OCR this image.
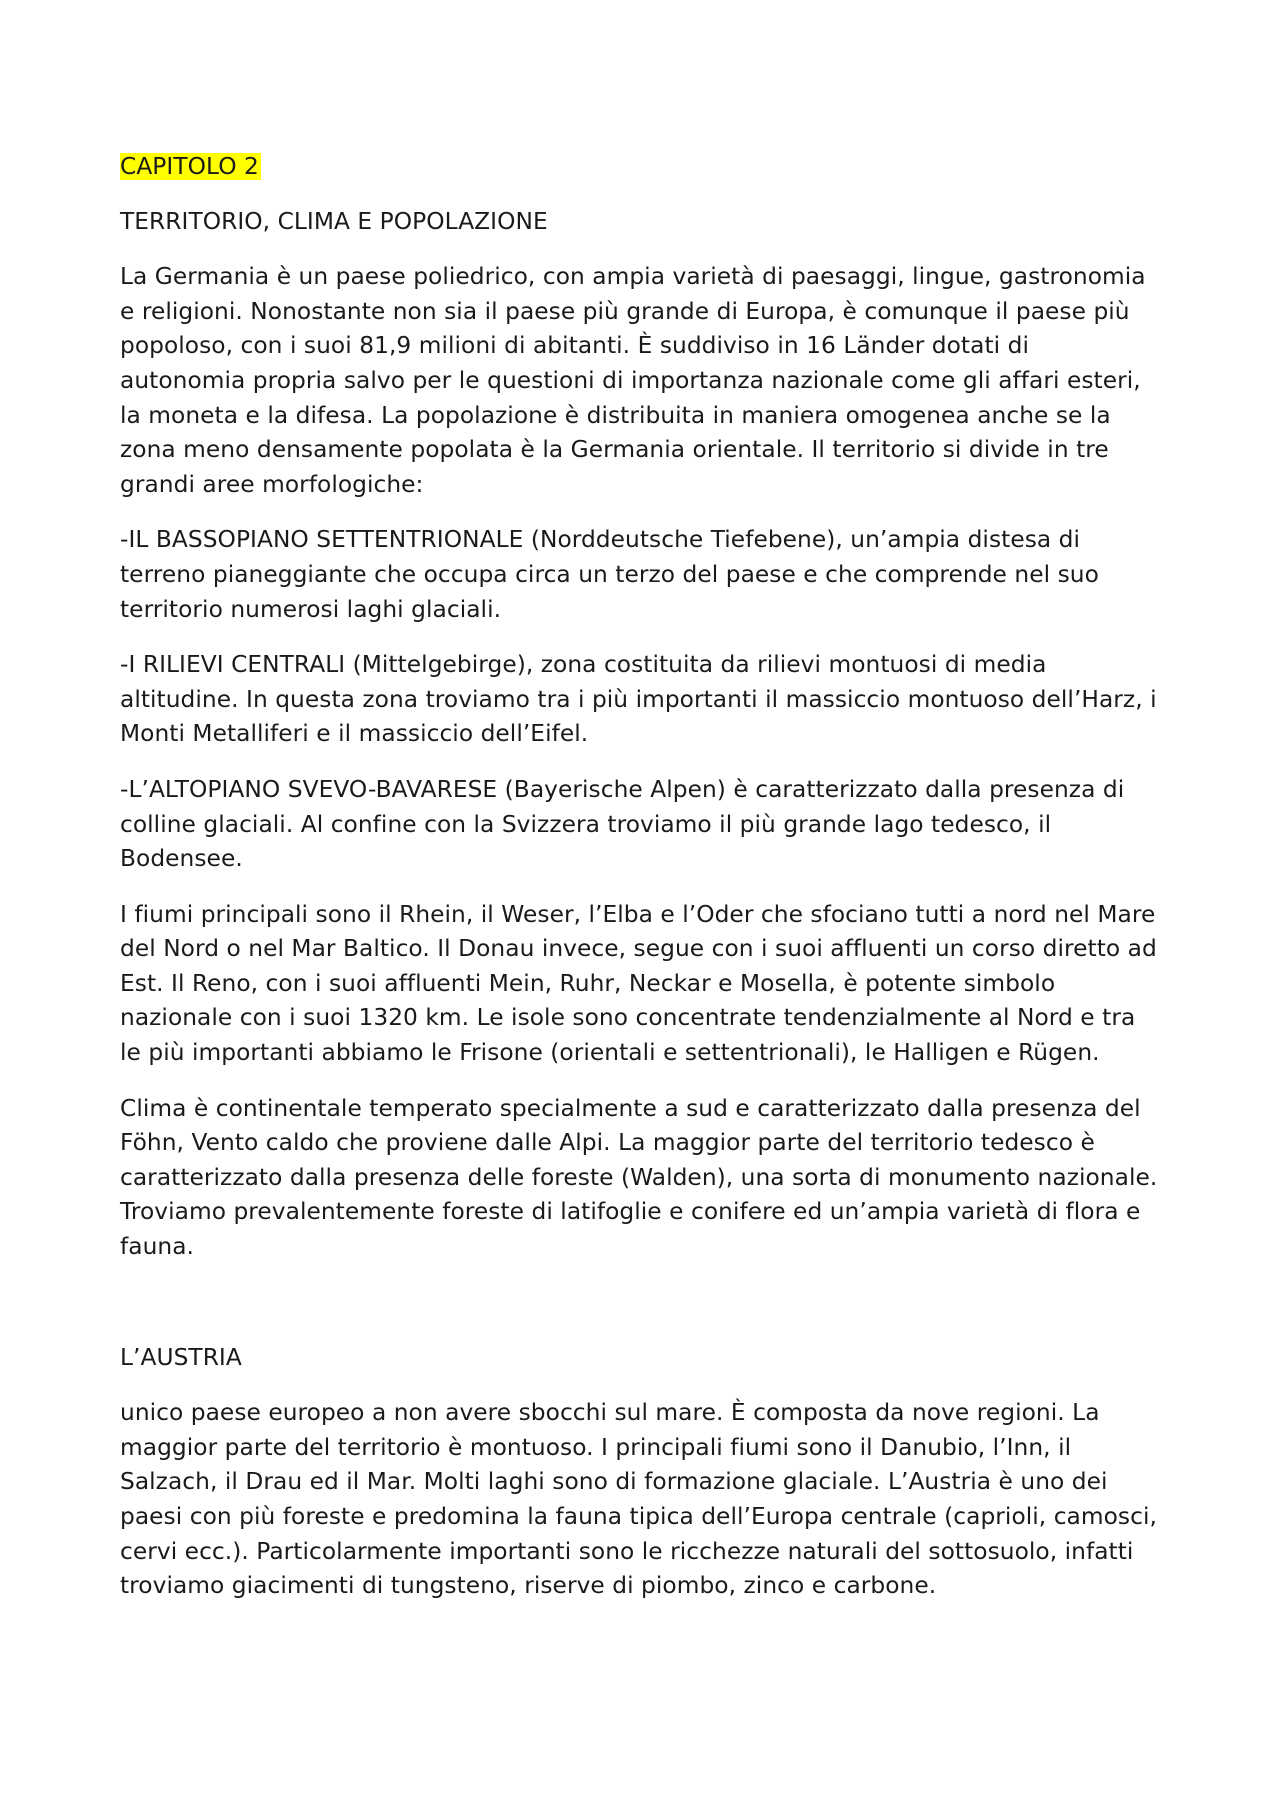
CAPITOLO 2

TERRITORIO, CLIMA E POPOLAZIONE

La Germania è un paese poliedrico, con ampia varietà di paesaggi, lingue, gastronomia e religioni. Nonostante non sia il paese più grande di Europa, è comunque il paese più popoloso, con i suoi 81,9 milioni di abitanti. È suddiviso in 16 Länder dotati di autonomia propria salvo per le questioni di importanza nazionale come gli affari esteri, la moneta e la difesa. La popolazione è distribuita in maniera omogenea anche se la zona meno densamente popolata è la Germania orientale. Il territorio si divide in tre grandi aree morfologiche:

-IL BASSOPIANO SETTENTRIONALE (Norddeutsche Tiefebene), un’ampia distesa di terreno pianeggiante che occupa circa un terzo del paese e che comprende nel suo territorio numerosi laghi glaciali.

-I RILIEVI CENTRALI (Mittelgebirge), zona costituita da rilievi montuosi di media altitudine. In questa zona troviamo tra i più importanti il massiccio montuoso dell’Harz, i Monti Metalliferi e il massiccio dell’Eifel.

-L’ALTOPIANO SVEVO-BAVARESE (Bayerische Alpen) è caratterizzato dalla presenza di colline glaciali. Al confine con la Svizzera troviamo il più grande lago tedesco, il Bodensee.

I fiumi principali sono il Rhein, il Weser, l’Elba e l’Oder che sfociano tutti a nord nel Mare del Nord o nel Mar Baltico. Il Donau invece, segue con i suoi affluenti un corso diretto ad Est. Il Reno, con i suoi affluenti Mein, Ruhr, Neckar e Mosella, è potente simbolo nazionale con i suoi 1320 km. Le isole sono concentrate tendenzialmente al Nord e tra le più importanti abbiamo le Frisone (orientali e settentrionali), le Halligen e Rügen.

Clima è continentale temperato specialmente a sud e caratterizzato dalla presenza del Föhn, Vento caldo che proviene dalle Alpi. La maggior parte del territorio tedesco è caratterizzato dalla presenza delle foreste (Walden), una sorta di monumento nazionale. Troviamo prevalentemente foreste di latifoglie e conifere ed un’ampia varietà di flora e fauna.

L’AUSTRIA

unico paese europeo a non avere sbocchi sul mare. È composta da nove regioni. La maggior parte del territorio è montuoso. I principali fiumi sono il Danubio, l’Inn, il Salzach, il Drau ed il Mar. Molti laghi sono di formazione glaciale. L’Austria è uno dei paesi con più foreste e predomina la fauna tipica dell’Europa centrale (caprioli, camosci, cervi ecc.). Particolarmente importanti sono le ricchezze naturali del sottosuolo, infatti troviamo giacimenti di tungsteno, riserve di piombo, zinco e carbone.
